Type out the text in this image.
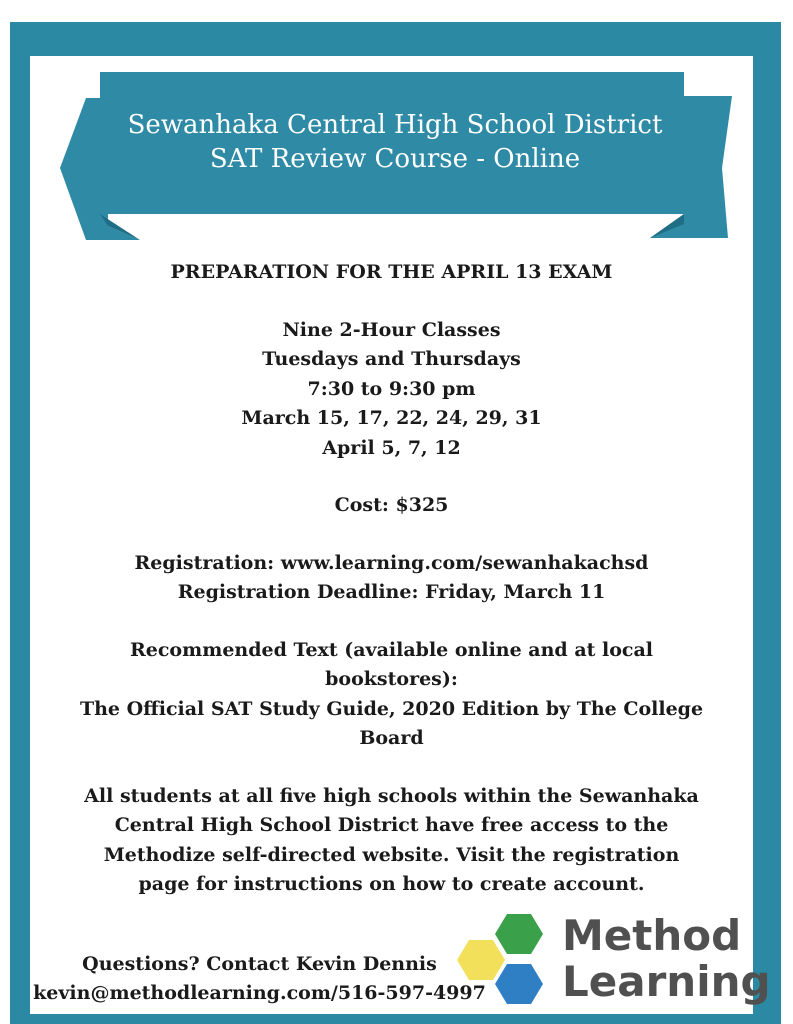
Sewanhaka Central High School District
SAT Review Course - Online

PREPARATION FOR THE APRIL 13 EXAM

Nine 2-Hour Classes

Tuesdays and Thursdays

7:30 to 9:30 pm

March 15, 17, 22, 24, 29, 31

April 5, 7, 12

Cost: $325

Registration: www.learning.com/sewanhakachsd

Registration Deadline: Friday, March 11

Recommended Text (available online and at local

bookstores):

The Official SAT Study Guide, 2020 Edition by The College

Board

All students at all five high schools within the Sewanhaka

Central High School District have free access to the

Methodize self-directed website. Visit the registration

page for instructions on how to create account.

Questions? Contact Kevin Dennis
kevin@methodlearning.com/516-597-4997
Method
Learning
